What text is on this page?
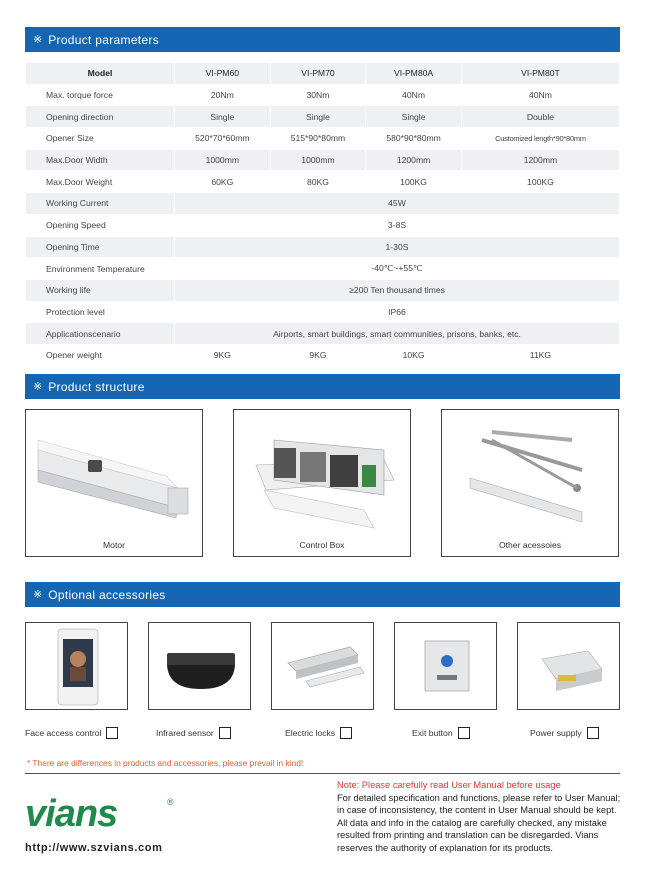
※ Product parameters
Model	VI-PM60	VI-PM70	VI-PM80A	VI-PM80T
Max. torque force	20Nm	30Nm	40Nm	40Nm
Opening direction	Single	Single	Single	Double
Opener Size	520*70*60mm	515*90*80mm	580*90*80mm	Customized length*90*80mm
Max.Door Width	1000mm	1000mm	1200mm	1200mm
Max.Door Weight	60KG	80KG	100KG	100KG
Working Current	45W			
Opening Speed	3-8S			
Opening Time	1-30S			
Environment Temperature	-40℃~+55℃			
Working life	≥200 Ten thousand times			
Protection level	IP66			
Applicationscenario	Airports, smart buildings, smart communities, prisons, banks, etc.			
Opener weight	9KG	9KG	10KG	11KG
※ Product structure
Motor	Control Box	Other acessoies
※ Optional accessories
Face access control	Infrared sensor	Electric locks	Exit button	Power supply
* There are differences in products and accessories, please prevail in kind!
vians	®
http://www.szvians.com
Note: Please carefully read User Manual before usage
For detailed specification and functions, please refer to User Manual; in case of inconsistency, the content in User Manual should be kept.
All data and info in the catalog are carefully checked, any mistake resulted from printing and translation can be disregarded. Vians reserves the authority of explanation for its products.
